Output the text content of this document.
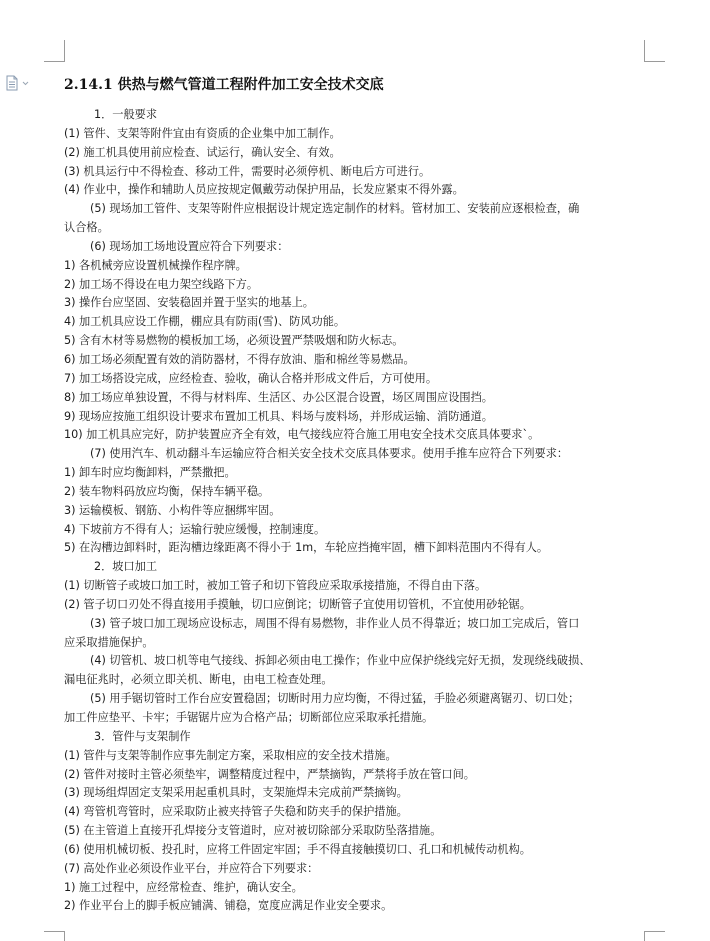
2.14.1 供热与燃气管道工程附件加工安全技术交底
1．一般要求
(1) 管件、支架等附件宜由有资质的企业集中加工制作。
(2) 施工机具使用前应检查、试运行，确认安全、有效。
(3) 机具运行中不得检查、移动工件，需要时必须停机、断电后方可进行。
(4) 作业中，操作和辅助人员应按规定佩戴劳动保护用品，长发应紧束不得外露。
(5) 现场加工管件、支架等附件应根据设计规定选定制作的材料。管材加工、安装前应逐根检查，确
认合格。
(6) 现场加工场地设置应符合下列要求：
1) 各机械旁应设置机械操作程序牌。
2) 加工场不得设在电力架空线路下方。
3) 操作台应坚固、安装稳固并置于坚实的地基上。
4) 加工机具应设工作棚，棚应具有防雨(雪)、防风功能。
5) 含有木材等易燃物的模板加工场，必须设置严禁吸烟和防火标志。
6) 加工场必须配置有效的消防器材，不得存放油、脂和棉丝等易燃品。
7) 加工场搭设完成，应经检查、验收，确认合格并形成文件后，方可使用。
8) 加工场应单独设置，不得与材料库、生活区、办公区混合设置，场区周围应设围挡。
9) 现场应按施工组织设计要求布置加工机具、料场与废料场，并形成运输、消防通道。
10) 加工机具应完好，防护装置应齐全有效，电气接线应符合施工用电安全技术交底具体要求`。
(7) 使用汽车、机动翻斗车运输应符合相关安全技术交底具体要求。使用手推车应符合下列要求：
1) 卸车时应均衡卸料，严禁撒把。
2) 装车物料码放应均衡，保持车辆平稳。
3) 运输模板、钢筋、小构件等应捆绑牢固。
4) 下坡前方不得有人；运输行驶应缓慢，控制速度。
5) 在沟槽边卸料时，距沟槽边缘距离不得小于 1m，车轮应挡掩牢固，槽下卸料范围内不得有人。
2．坡口加工
(1) 切断管子或坡口加工时，被加工管子和切下管段应采取承接措施，不得自由下落。
(2) 管子切口刃处不得直接用手摸触，切口应倒诧；切断管子宜使用切管机，不宜使用砂轮锯。
(3) 管子坡口加工现场应设标志，周围不得有易燃物，非作业人员不得靠近；坡口加工完成后，管口
应采取措施保护。
(4) 切管机、坡口机等电气接线、拆卸必须由电工操作；作业中应保护绕线完好无损，发现绕线破损、
漏电征兆时，必须立即关机、断电，由电工检查处理。
(5) 用手锯切管时工作台应安置稳固；切断时用力应均衡，不得过猛，手脸必须避离锯刃、切口处；
加工件应垫平、卡牢；手锯锯片应为合格产品；切断部位应采取承托措施。
3．管件与支架制作
(1) 管件与支架等制作应事先制定方案，采取相应的安全技术措施。
(2) 管件对接时主管必须垫牢，调整精度过程中，严禁摘钩，严禁将手放在管口间。
(3) 现场组焊固定支架采用起重机具时，支架施焊未完成前严禁摘钩。
(4) 弯管机弯管时，应采取防止被夹持管子失稳和防夹手的保护措施。
(5) 在主管道上直接开孔焊接分支管道时，应对被切除部分采取防坠落措施。
(6) 使用机械切板、投孔时，应将工件固定牢固；手不得直接触摸切口、孔口和机械传动机构。
(7) 高处作业必须设作业平台，并应符合下列要求：
1) 施工过程中，应经常检查、维护，确认安全。
2) 作业平台上的脚手板应铺满、铺稳，宽度应满足作业安全要求。
